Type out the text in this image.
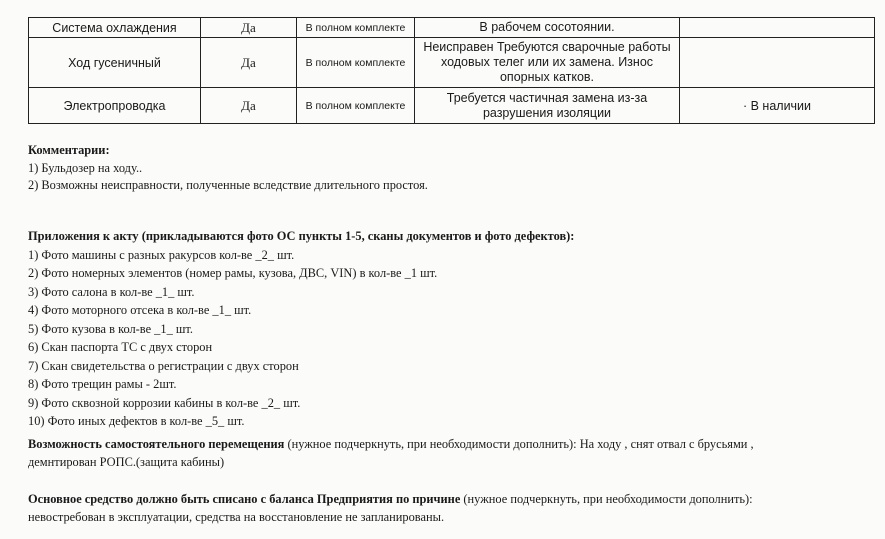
Система охлаждения	Да	В полном комплекте	В рабочем сосотоянии.	
Ход гусеничный	Да	В полном комплекте	Неисправен Требуются сварочные работы ходовых телег или их замена. Износ опорных катков.	
Электропроводка	Да	В полном комплекте	Требуется частичная замена из-за разрушения изоляции	· В наличии
Комментарии:
1) Бульдозер на ходу..
2) Возможны неисправности, полученные вследствие длительного простоя.
Приложения к акту (прикладываются фото ОС пункты 1-5, сканы документов и фото дефектов):
1) Фото машины с разных ракурсов кол-ве _2_ шт.
2) Фото номерных элементов (номер рамы, кузова, ДВС, VIN) в кол-ве _1 шт.
3) Фото салона в кол-ве _1_ шт.
4) Фото моторного отсека в кол-ве _1_ шт.
5) Фото кузова в кол-ве _1_ шт.
6) Скан паспорта ТС с двух сторон
7) Скан свидетельства о регистрации с двух сторон
8) Фото трещин рамы - 2шт.
9) Фото сквозной коррозии кабины в кол-ве _2_ шт.
10) Фото иных дефектов в кол-ве _5_ шт.
Возможность самостоятельного перемещения (нужное подчеркнуть, при необходимости дополнить): На ходу , снят отвал с брусьями ,
демнтирован РОПС.(защита кабины)
Основное средство должно быть списано с баланса Предприятия по причине (нужное подчеркнуть, при необходимости дополнить):
невостребован в эксплуатации, средства на восстановление не запланированы.
